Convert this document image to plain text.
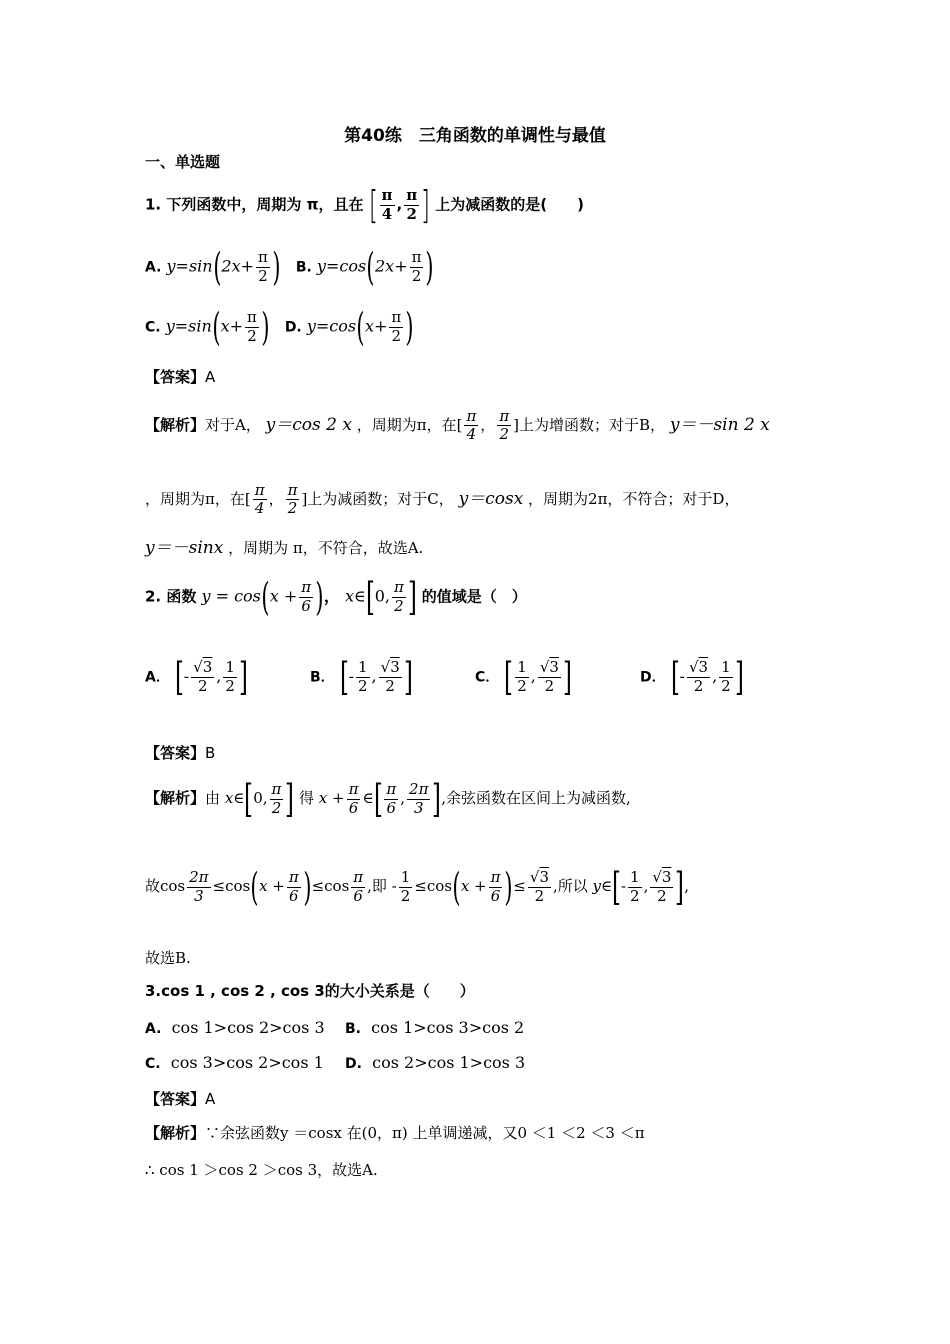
第40练　三角函数的单调性与最值
一、单选题
1. 下列函数中，周期为 π，且在 [ $\frac{\pi}{4}$ , $\frac{\pi}{2}$ ] 上为减函数的是(　　)
A. $y=\sin(2x+ \frac{\pi}{2}$ ) B. $y=\cos(2x+ \frac{\pi}{2}$ )
C. $y=\sin(x+ \frac{\pi}{2}$ ) D. $y=\cos(x+ \frac{\pi}{2}$ )
【答案】A
【解析】对于A， y＝cos 2 x ，周期为π，在[ $\frac{\pi}{4}$ ， $\frac{\pi}{2}$ ]上为增函数；对于B， y＝－sin 2 x
，周期为π，在[ $\frac{\pi}{4}$ ， $\frac{\pi}{2}$ ]上为减函数；对于C， y＝cosx ，周期为2π，不符合；对于D，
y＝－sinx ，周期为 π，不符合，故选A.
2. 函数 $y = \cos(x + \frac{\pi}{6}$ )， x∈[0, $\frac{\pi}{2}$ ] 的值域是（　）
A． [- $\frac{√3}{2}$ , $\frac{1}{2}$ ]	B． [- $\frac{1}{2}$ , $\frac{√3}{2}$ ]	C． [ $\frac{1}{2}$ , $\frac{√3}{2}$ ]	D． [- $\frac{√3}{2}$ , $\frac{1}{2}$ ]
【答案】B
【解析】由 x∈[0, $\frac{\pi}{2}$ ] 得 $x + \frac{\pi}{6}$ ∈[ $\frac{\pi}{6}$ , $\frac{2\pi}{3}$ ],余弦函数在区间上为减函数,
故$\cos \frac{2\pi}{3} \le\cos(x + \frac{\pi}{6} )\le\cos \frac{\pi}{6}$ ,即 - $\frac{1}{2} \le\cos(x + \frac{\pi}{6}$ )≤ $\frac{√3}{2}$ ,所以 y∈[- $\frac{1}{2}$ , $\frac{√3}{2}$ ],
故选B.
3.cos 1 , cos 2 , cos 3的大小关系是（　　）
A. cos 1>cos 2>cos 3 B. cos 1>cos 3>cos 2
C. cos 3>cos 2>cos 1 D. cos 2>cos 1>cos 3
【答案】A
【解析】∵余弦函数y ＝cosx 在(0，π) 上单调递减，又0 ＜1 ＜2 ＜3 ＜π
∴ cos 1 ＞cos 2 ＞cos 3，故选A.
